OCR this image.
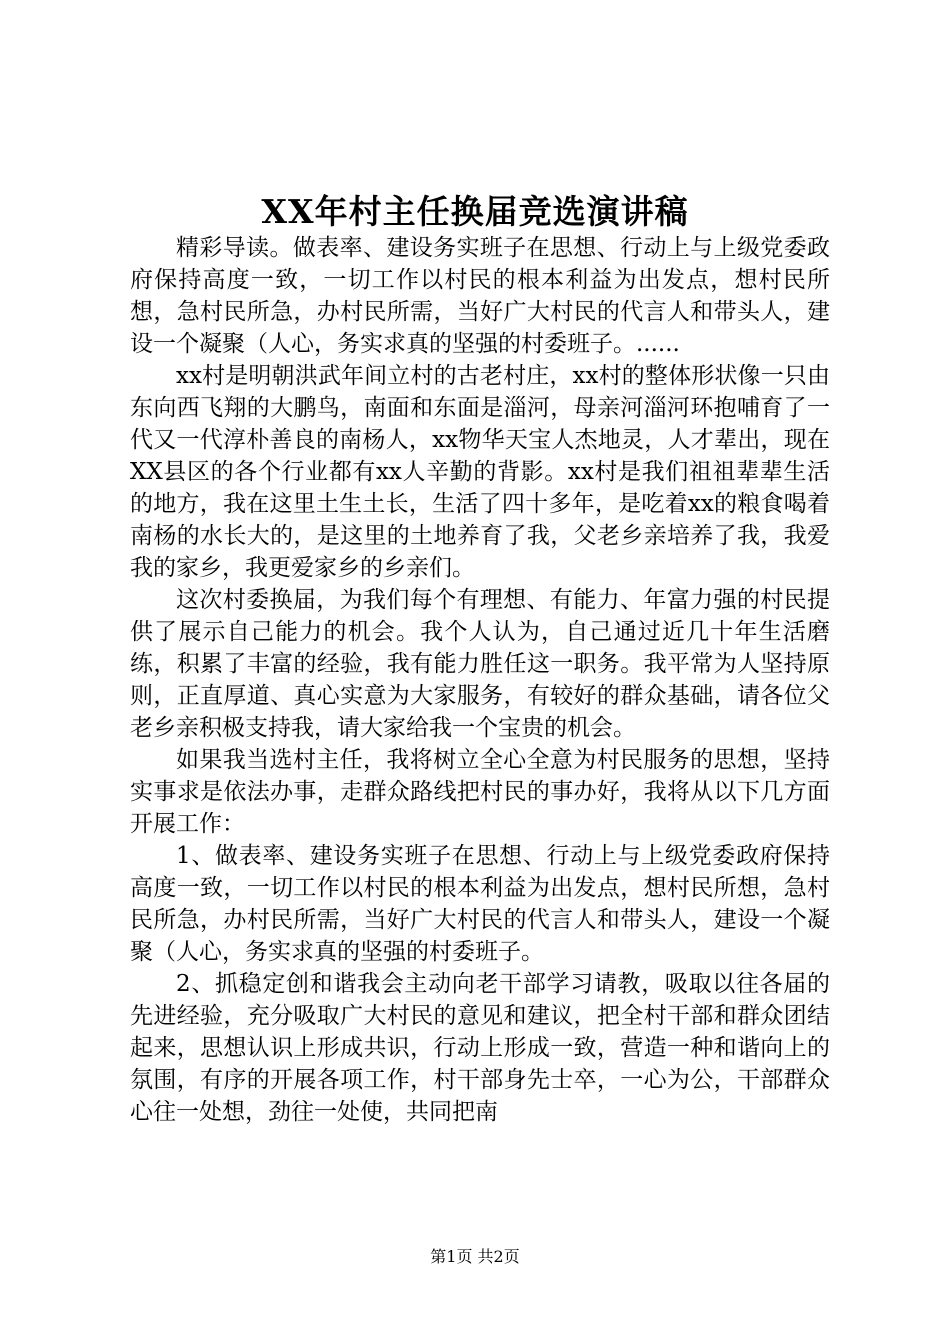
XX年村主任换届竞选演讲稿

精彩导读。做表率、建设务实班子在思想、行动上与上级党委政府保持高度一致，一切工作以村民的根本利益为出发点，想村民所想，急村民所急，办村民所需，当好广大村民的代言人和带头人，建设一个凝聚（人心，务实求真的坚强的村委班子。......

xx村是明朝洪武年间立村的古老村庄，xx村的整体形状像一只由东向西飞翔的大鹏鸟，南面和东面是淄河，母亲河淄河环抱哺育了一代又一代淳朴善良的南杨人，xx物华天宝人杰地灵，人才辈出，现在XX县区的各个行业都有xx人辛勤的背影。xx村是我们祖祖辈辈生活的地方，我在这里土生土长，生活了四十多年，是吃着xx的粮食喝着南杨的水长大的，是这里的土地养育了我，父老乡亲培养了我，我爱我的家乡，我更爱家乡的乡亲们。

这次村委换届，为我们每个有理想、有能力、年富力强的村民提供了展示自己能力的机会。我个人认为，自己通过近几十年生活磨练，积累了丰富的经验，我有能力胜任这一职务。我平常为人坚持原则，正直厚道、真心实意为大家服务，有较好的群众基础，请各位父老乡亲积极支持我，请大家给我一个宝贵的机会。

如果我当选村主任，我将树立全心全意为村民服务的思想，坚持实事求是依法办事，走群众路线把村民的事办好，我将从以下几方面开展工作：

1、做表率、建设务实班子在思想、行动上与上级党委政府保持高度一致，一切工作以村民的根本利益为出发点，想村民所想，急村民所急，办村民所需，当好广大村民的代言人和带头人，建设一个凝聚（人心，务实求真的坚强的村委班子。

2、抓稳定创和谐我会主动向老干部学习请教，吸取以往各届的先进经验，充分吸取广大村民的意见和建议，把全村干部和群众团结起来，思想认识上形成共识，行动上形成一致，营造一种和谐向上的氛围，有序的开展各项工作，村干部身先士卒，一心为公，干部群众心往一处想，劲往一处使，共同把南

第1页 共2页
